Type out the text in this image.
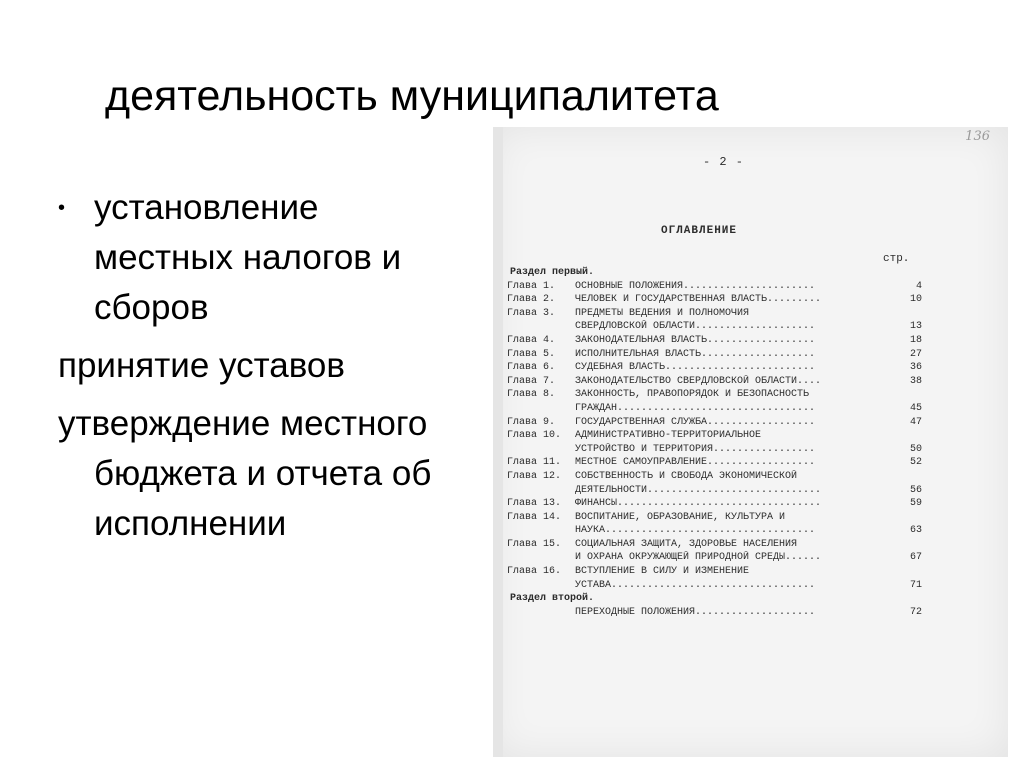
деятельность муниципалитета
• установление местных налогов и сборов
принятие уставов
утверждение местного бюджета и отчета об исполнении
136
- 2 -
ОГЛАВЛЕНИЕ
стр.
Раздел первый.
Глава 1.	ОСНОВНЫЕ ПОЛОЖЕНИЯ......................	4
Глава 2.	ЧЕЛОВЕК И ГОСУДАРСТВЕННАЯ ВЛАСТЬ.........	10
Глава 3.	ПРЕДМЕТЫ ВЕДЕНИЯ И ПОЛНОМОЧИЯ
СВЕРДЛОВСКОЙ ОБЛАСТИ....................	13
Глава 4.	ЗАКОНОДАТЕЛЬНАЯ ВЛАСТЬ..................	18
Глава 5.	ИСПОЛНИТЕЛЬНАЯ ВЛАСТЬ...................	27
Глава 6.	СУДЕБНАЯ ВЛАСТЬ.........................	36
Глава 7.	ЗАКОНОДАТЕЛЬСТВО СВЕРДЛОВСКОЙ ОБЛАСТИ....	38
Глава 8.	ЗАКОННОСТЬ, ПРАВОПОРЯДОК И БЕЗОПАСНОСТЬ
ГРАЖДАН.................................	45
Глава 9.	ГОСУДАРСТВЕННАЯ СЛУЖБА..................	47
Глава 10.	АДМИНИСТРАТИВНО-ТЕРРИТОРИАЛЬНОЕ
УСТРОЙСТВО И ТЕРРИТОРИЯ.................	50
Глава 11.	МЕСТНОЕ САМОУПРАВЛЕНИЕ..................	52
Глава 12.	СОБСТВЕННОСТЬ И СВОБОДА ЭКОНОМИЧЕСКОЙ
ДЕЯТЕЛЬНОСТИ.............................	56
Глава 13.	ФИНАНСЫ..................................	59
Глава 14.	ВОСПИТАНИЕ, ОБРАЗОВАНИЕ, КУЛЬТУРА И
НАУКА...................................	63
Глава 15.	СОЦИАЛЬНАЯ ЗАЩИТА, ЗДОРОВЬЕ НАСЕЛЕНИЯ
И ОХРАНА ОКРУЖАЮЩЕЙ ПРИРОДНОЙ СРЕДЫ......	67
Глава 16.	ВСТУПЛЕНИЕ В СИЛУ И ИЗМЕНЕНИЕ
УСТАВА..................................	71
Раздел второй.
ПЕРЕХОДНЫЕ ПОЛОЖЕНИЯ....................	72
